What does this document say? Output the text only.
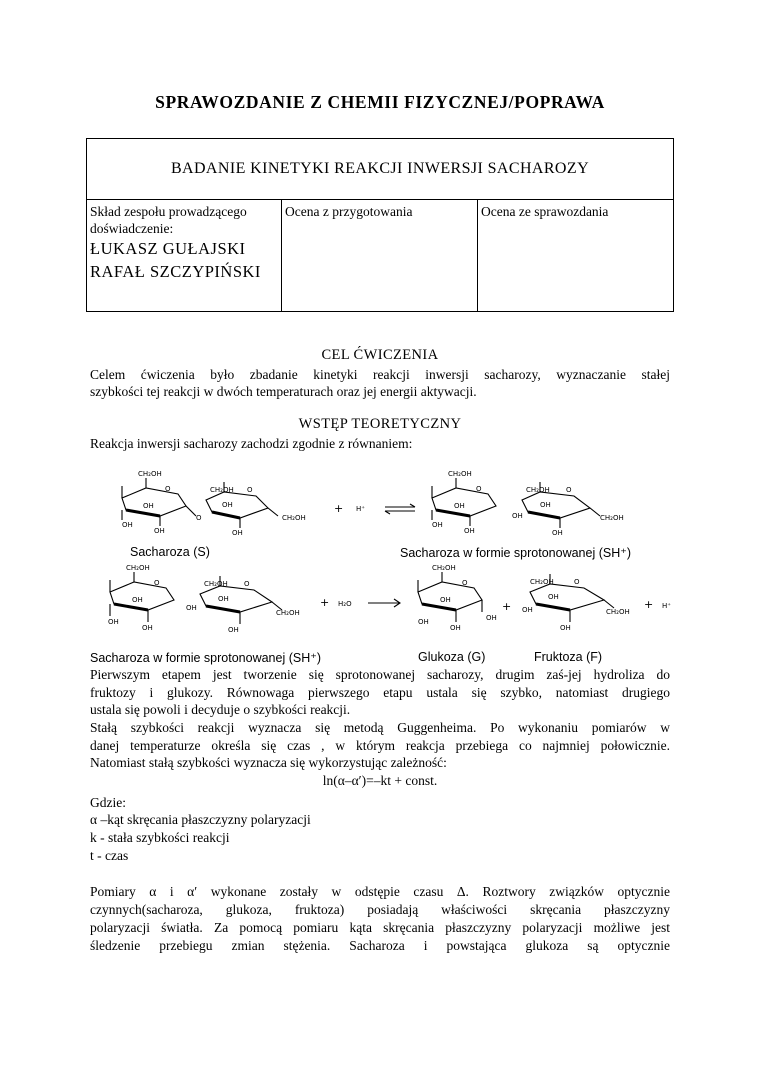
SPRAWOZDANIE Z CHEMII FIZYCZNEJ/POPRAWA
BADANIE KINETYKI REAKCJI INWERSJI SACHAROZY
Skład zespołu prowadzącego
doświadczenie:
ŁUKASZ GUŁAJSKI
RAFAŁ SZCZYPIŃSKI
Ocena z przygotowania	Ocena ze sprawozdania
CEL ĆWICZENIA
Celem ćwiczenia było zbadanie kinetyki reakcji inwersji sacharozy, wyznaczanie stałej
szybkości tej reakcji w dwóch temperaturach oraz jej energii aktywacji.
WSTĘP TEORETYCZNY
Reakcja inwersji sacharozy zachodzi zgodnie z równaniem:
CH₂OH
O
OH
OH
OH
O
CH₂OH O
OH
OH
CH₂OH
+ H⁺
CH₂OH
O
OH
OH
OH
OH
CH₂OH O
OH
OH
CH₂OH
CH₂OH
O
OH
OH
OH
OH
CH₂OH O
OH
OH
CH₂OH
+ H₂O
CH₂OH
O
OH
OH
OH
OH
+
CH₂OH	O
OH
OH
OH
CH₂OH
+ H⁺
Sacharoza (S)	Sacharoza w formie sprotonowanej (SH⁺)
Sacharoza w formie sprotonowanej (SH⁺)	Glukoza (G)	Fruktoza (F)
Pierwszym etapem jest tworzenie się sprotonowanej sacharozy, drugim zaś-jej hydroliza do
fruktozy i glukozy. Równowaga pierwszego etapu ustala się szybko, natomiast drugiego
ustala się powoli i decyduje o szybkości reakcji.
Stałą szybkości reakcji wyznacza się metodą Guggenheima. Po wykonaniu pomiarów w
danej temperaturze określa się czas , w którym reakcja przebiega co najmniej połowicznie.
Natomiast stałą szybkości wyznacza się wykorzystując zależność:
ln(α–α′)=–kt + const.
Gdzie:
α –kąt skręcania płaszczyzny polaryzacji
k - stała szybkości reakcji
t - czas
Pomiary α i α′ wykonane zostały w odstępie czasu Δ. Roztwory związków optycznie
czynnych(sacharoza, glukoza, fruktoza) posiadają właściwości skręcania płaszczyzny
polaryzacji światła. Za pomocą pomiaru kąta skręcania płaszczyzny polaryzacji możliwe jest
śledzenie przebiegu zmian stężenia. Sacharoza i powstająca glukoza są optycznie
